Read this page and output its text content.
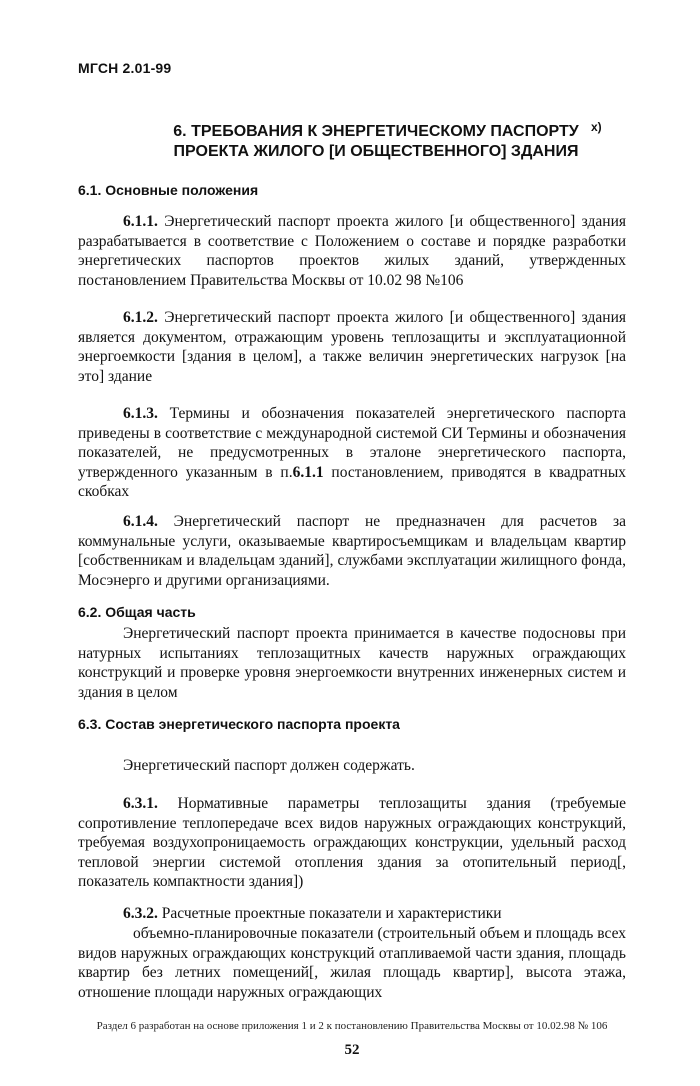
МГСН 2.01-99
6. ТРЕБОВАНИЯ К ЭНЕРГЕТИЧЕСКОМУ ПАСПОРТУ ПРОЕКТА ЖИЛОГО [И ОБЩЕСТВЕННОГО] ЗДАНИЯ
х)
6.1. Основные положения
6.1.1. Энергетический паспорт проекта жилого [и общественного] здания разрабатывается в соответствие с Положением о составе и порядке разработки энергетических паспортов проектов жилых зданий, утвержденных постановлением Правительства Москвы от 10.02 98 №106
6.1.2. Энергетический паспорт проекта жилого [и общественного] здания является документом, отражающим уровень теплозащиты и эксплуатационной энергоемкости [здания в целом], а также величин энергетических нагрузок [на это] здание
6.1.3. Термины и обозначения показателей энергетического паспорта приведены в соответствие с международной системой СИ Термины и обозначения показателей, не предусмотренных в эталоне энергетического паспорта, утвержденного указанным в п.6.1.1 постановлением, приводятся в квадратных скобках
6.1.4. Энергетический паспорт не предназначен для расчетов за коммунальные услуги, оказываемые квартиросъемщикам и владельцам квартир [собственникам и владельцам зданий], службами эксплуатации жилищного фонда, Мосэнерго и другими организациями.
6.2. Общая часть
Энергетический паспорт проекта принимается в качестве подосновы при натурных испытаниях теплозащитных качеств наружных ограждающих конструкций и проверке уровня энергоемкости внутренних инженерных систем и здания в целом
6.3. Состав энергетического паспорта проекта
Энергетический паспорт должен содержать.
6.3.1. Нормативные параметры теплозащиты здания (требуемые сопротивление теплопередаче всех видов наружных ограждающих конструкций, требуемая воздухопроницаемость ограждающих конструкции, удельный расход тепловой энергии системой отопления здания за отопительный период[, показатель компактности здания])
6.3.2. Расчетные проектные показатели и характеристики
объемно-планировочные показатели (строительный объем и площадь всех видов наружных ограждающих конструкций отапливаемой части здания, площадь квартир без летних помещений[, жилая площадь квартир], высота этажа, отношение площади наружных ограждающих
Раздел 6 разработан на основе приложения 1 и 2 к постановлению Правительства Москвы от 10.02.98 № 106
52
